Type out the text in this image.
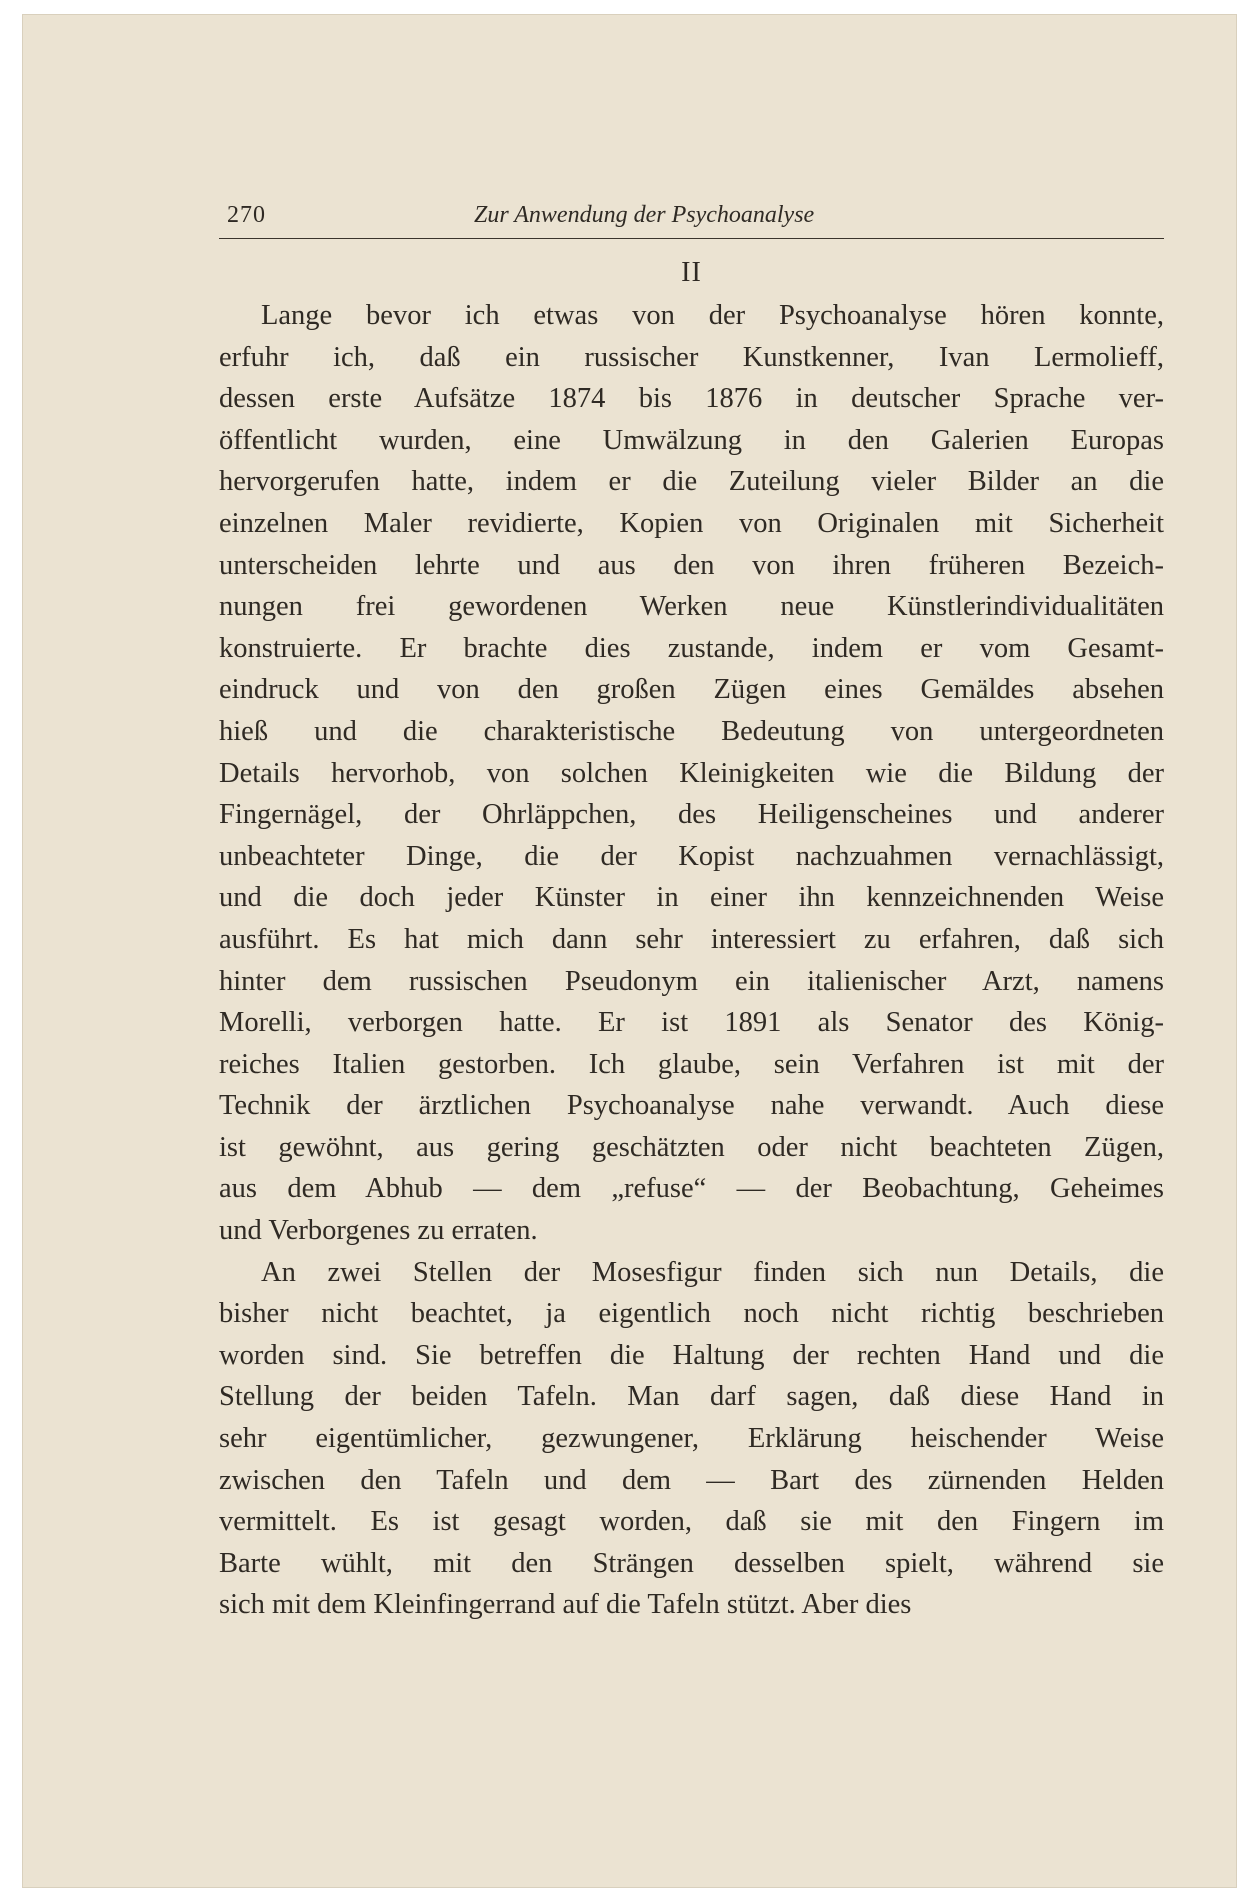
270	Zur Anwendung der Psychoanalyse
II

Lange bevor ich etwas von der Psychoanalyse hören konnte,
erfuhr ich, daß ein russischer Kunstkenner, Ivan Lermolieff,
dessen erste Aufsätze 1874 bis 1876 in deutscher Sprache ver-
öffentlicht wurden, eine Umwälzung in den Galerien Europas
hervorgerufen hatte, indem er die Zuteilung vieler Bilder an die
einzelnen Maler revidierte, Kopien von Originalen mit Sicherheit
unterscheiden lehrte und aus den von ihren früheren Bezeich-
nungen frei gewordenen Werken neue Künstlerindividualitäten
konstruierte. Er brachte dies zustande, indem er vom Gesamt-
eindruck und von den großen Zügen eines Gemäldes absehen
hieß und die charakteristische Bedeutung von untergeordneten
Details hervorhob, von solchen Kleinigkeiten wie die Bildung der
Fingernägel, der Ohrläppchen, des Heiligenscheines und anderer
unbeachteter Dinge, die der Kopist nachzuahmen vernachlässigt,
und die doch jeder Künster in einer ihn kennzeichnenden Weise
ausführt. Es hat mich dann sehr interessiert zu erfahren, daß sich
hinter dem russischen Pseudonym ein italienischer Arzt, namens
Morelli, verborgen hatte. Er ist 1891 als Senator des König-
reiches Italien gestorben. Ich glaube, sein Verfahren ist mit der
Technik der ärztlichen Psychoanalyse nahe verwandt. Auch diese
ist gewöhnt, aus gering geschätzten oder nicht beachteten Zügen,
aus dem Abhub — dem „refuse“ — der Beobachtung, Geheimes
und Verborgenes zu erraten.

An zwei Stellen der Mosesfigur finden sich nun Details, die
bisher nicht beachtet, ja eigentlich noch nicht richtig beschrieben
worden sind. Sie betreffen die Haltung der rechten Hand und die
Stellung der beiden Tafeln. Man darf sagen, daß diese Hand in
sehr eigentümlicher, gezwungener, Erklärung heischender Weise
zwischen den Tafeln und dem — Bart des zürnenden Helden
vermittelt. Es ist gesagt worden, daß sie mit den Fingern im
Barte wühlt, mit den Strängen desselben spielt, während sie
sich mit dem Kleinfingerrand auf die Tafeln stützt. Aber dies
